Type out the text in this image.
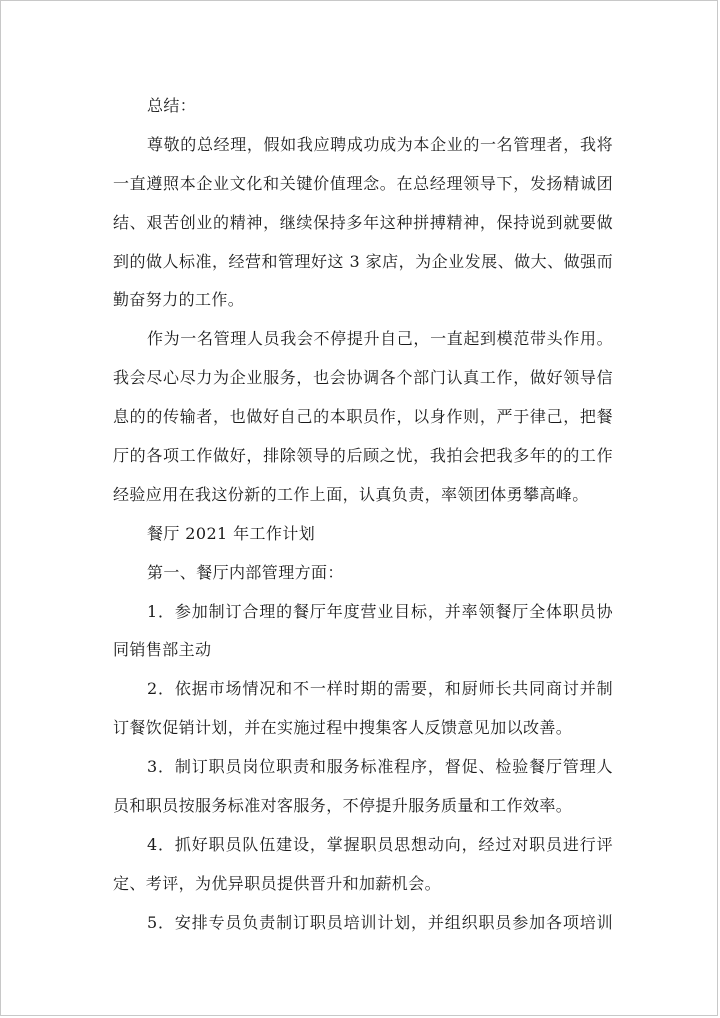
总结：
尊敬的总经理，假如我应聘成功成为本企业的一名管理者，我将
一直遵照本企业文化和关键价值理念。在总经理领导下，发扬精诚团
结、艰苦创业的精神，继续保持多年这种拼搏精神，保持说到就要做
到的做人标准，经营和管理好这 3 家店，为企业发展、做大、做强而
勤奋努力的工作。
作为一名管理人员我会不停提升自己，一直起到模范带头作用。
我会尽心尽力为企业服务，也会协调各个部门认真工作，做好领导信
息的的传输者，也做好自己的本职员作，以身作则，严于律己，把餐
厅的各项工作做好，排除领导的后顾之忧，我拍会把我多年的的工作
经验应用在我这份新的工作上面，认真负责，率领团体勇攀高峰。
餐厅 2021 年工作计划
第一、餐厅内部管理方面：
1．参加制订合理的餐厅年度营业目标，并率领餐厅全体职员协
同销售部主动
2．依据市场情况和不一样时期的需要，和厨师长共同商讨并制
订餐饮促销计划，并在实施过程中搜集客人反馈意见加以改善。
3．制订职员岗位职责和服务标准程序，督促、检验餐厅管理人
员和职员按服务标准对客服务，不停提升服务质量和工作效率。
4．抓好职员队伍建设，掌握职员思想动向，经过对职员进行评
定、考评，为优异职员提供晋升和加薪机会。
5．安排专员负责制订职员培训计划，并组织职员参加各项培训
